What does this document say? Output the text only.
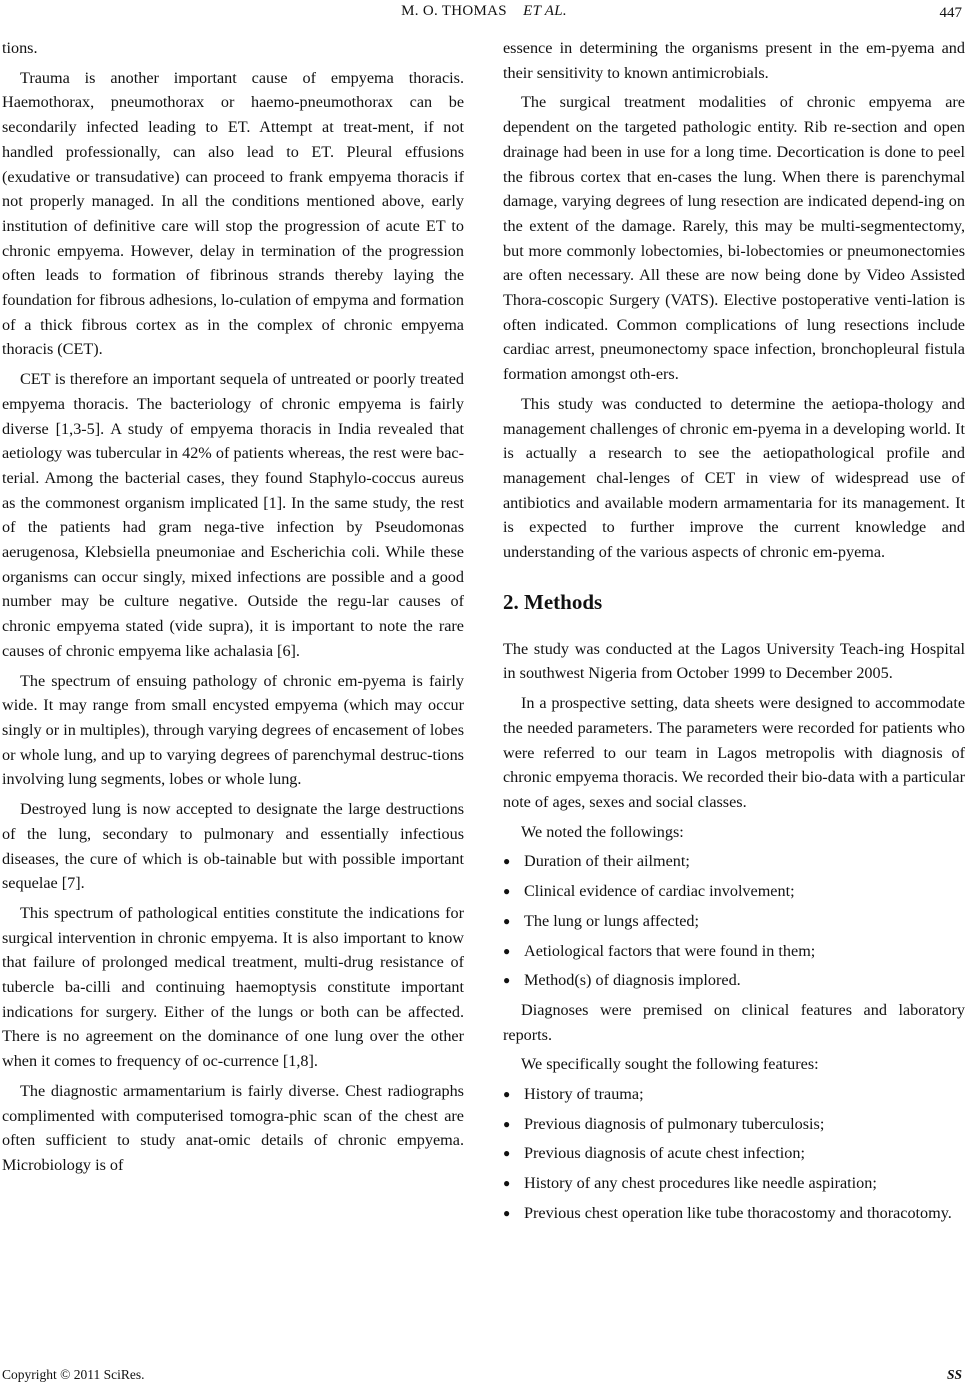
M. O. THOMAS ET AL.	447

tions.

Trauma is another important cause of empyema thoracis. Haemothorax, pneumothorax or haemo-pneumothorax can be secondarily infected leading to ET. Attempt at treat-ment, if not handled professionally, can also lead to ET. Pleural effusions (exudative or transudative) can proceed to frank empyema thoracis if not properly managed. In all the conditions mentioned above, early institution of definitive care will stop the progression of acute ET to chronic empyema. However, delay in termination of the progression often leads to formation of fibrinous strands thereby laying the foundation for fibrous adhesions, lo-culation of empyma and formation of a thick fibrous cortex as in the complex of chronic empyema thoracis (CET).

CET is therefore an important sequela of untreated or poorly treated empyema thoracis. The bacteriology of chronic empyema is fairly diverse [1,3-5]. A study of empyema thoracis in India revealed that aetiology was tubercular in 42% of patients whereas, the rest were bac-terial. Among the bacterial cases, they found Staphylo-coccus aureus as the commonest organism implicated [1]. In the same study, the rest of the patients had gram nega-tive infection by Pseudomonas aerugenosa, Klebsiella pneumoniae and Escherichia coli. While these organisms can occur singly, mixed infections are possible and a good number may be culture negative. Outside the regu-lar causes of chronic empyema stated (vide supra), it is important to note the rare causes of chronic empyema like achalasia [6].

The spectrum of ensuing pathology of chronic em-pyema is fairly wide. It may range from small encysted empyema (which may occur singly or in multiples), through varying degrees of encasement of lobes or whole lung, and up to varying degrees of parenchymal destruc-tions involving lung segments, lobes or whole lung.

Destroyed lung is now accepted to designate the large destructions of the lung, secondary to pulmonary and essentially infectious diseases, the cure of which is ob-tainable but with possible important sequelae [7].

This spectrum of pathological entities constitute the indications for surgical intervention in chronic empyema. It is also important to know that failure of prolonged medical treatment, multi-drug resistance of tubercle ba-cilli and continuing haemoptysis constitute important indications for surgery. Either of the lungs or both can be affected. There is no agreement on the dominance of one lung over the other when it comes to frequency of oc-currence [1,8].

The diagnostic armamentarium is fairly diverse. Chest radiographs complimented with computerised tomogra-phic scan of the chest are often sufficient to study anat-omic details of chronic empyema. Microbiology is of

essence in determining the organisms present in the em-pyema and their sensitivity to known antimicrobials.

The surgical treatment modalities of chronic empyema are dependent on the targeted pathologic entity. Rib re-section and open drainage had been in use for a long time. Decortication is done to peel the fibrous cortex that en-cases the lung. When there is parenchymal damage, varying degrees of lung resection are indicated depend-ing on the extent of the damage. Rarely, this may be multi-segmentectomy, but more commonly lobectomies, bi-lobectomies or pneumonectomies are often necessary. All these are now being done by Video Assisted Thora-coscopic Surgery (VATS). Elective postoperative venti-lation is often indicated. Common complications of lung resections include cardiac arrest, pneumonectomy space infection, bronchopleural fistula formation amongst oth-ers.

This study was conducted to determine the aetiopa-thology and management challenges of chronic em-pyema in a developing world. It is actually a research to see the aetiopathological profile and management chal-lenges of CET in view of widespread use of antibiotics and available modern armamentaria for its management. It is expected to further improve the current knowledge and understanding of the various aspects of chronic em-pyema.

2. Methods

The study was conducted at the Lagos University Teach-ing Hospital in southwest Nigeria from October 1999 to December 2005.

In a prospective setting, data sheets were designed to accommodate the needed parameters. The parameters were recorded for patients who were referred to our team in Lagos metropolis with diagnosis of chronic empyema thoracis. We recorded their bio-data with a particular note of ages, sexes and social classes.

We noted the followings:

● Duration of their ailment;
● Clinical evidence of cardiac involvement;
● The lung or lungs affected;
● Aetiological factors that were found in them;
● Method(s) of diagnosis implored.

Diagnoses were premised on clinical features and laboratory reports.

We specifically sought the following features:

● History of trauma;
● Previous diagnosis of pulmonary tuberculosis;
● Previous diagnosis of acute chest infection;
● History of any chest procedures like needle aspiration;
● Previous chest operation like tube thoracostomy and thoracotomy.
Copyright © 2011 SciRes.	SS
